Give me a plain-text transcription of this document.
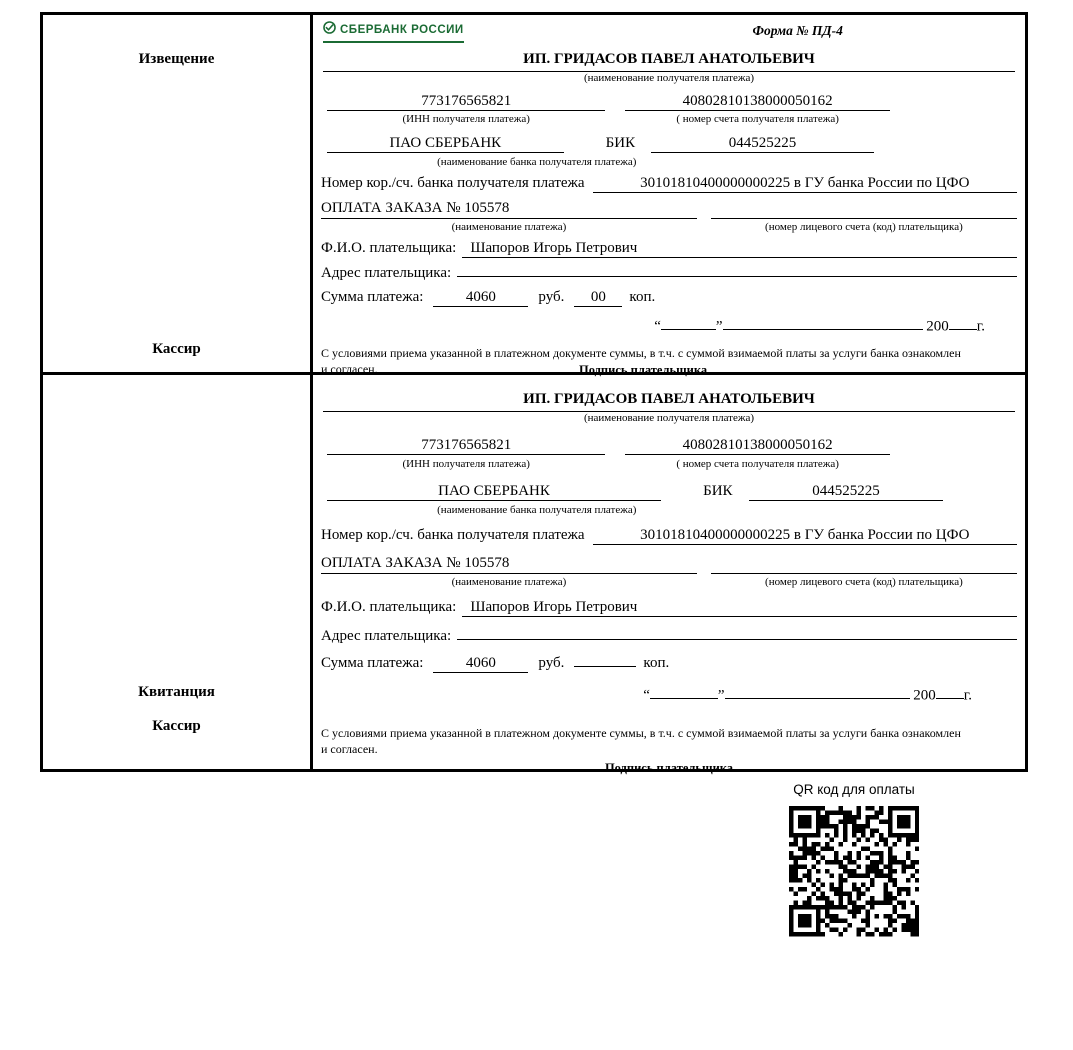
Извещение
Кассир
СБЕРБАНК РОССИИ	Форма № ПД-4
ИП. ГРИДАСОВ ПАВЕЛ АНАТОЛЬЕВИЧ
(наименование получателя платежа)
773176565821	40802810138000050162
(ИНН получателя платежа)	( номер счета получателя платежа)
ПАО СБЕРБАНК	БИК	044525225
(наименование банка получателя платежа)
Номер кор./сч. банка получателя платежа	30101810400000000225 в ГУ банка России по ЦФО
ОПЛАТА ЗАКАЗА № 105578
(наименование платежа)	(номер лицевого счета (код) плательщика)
Ф.И.О. плательщика: Шапоров Игорь Петрович
Адрес плательщика:
Сумма платежа:	4060	руб.	00	коп.
“	”	200 г.
С условиями приема указанной в платежном документе суммы, в т.ч. с суммой взимаемой платы за услуги банка ознакомлен и согласен.	Подпись плательщика
Квитанция
Кассир
ИП. ГРИДАСОВ ПАВЕЛ АНАТОЛЬЕВИЧ
(наименование получателя платежа)
773176565821	40802810138000050162
(ИНН получателя платежа)	( номер счета получателя платежа)
ПАО СБЕРБАНК	БИК	044525225
(наименование банка получателя платежа)
Номер кор./сч. банка получателя платежа	30101810400000000225 в ГУ банка России по ЦФО
ОПЛАТА ЗАКАЗА № 105578
(наименование платежа)	(номер лицевого счета (код) плательщика)
Ф.И.О. плательщика: Шапоров Игорь Петрович
Адрес плательщика:
Сумма платежа:	4060	руб.	коп.
“	”	200 г.
С условиями приема указанной в платежном документе суммы, в т.ч. с суммой взимаемой платы за услуги банка ознакомлен и согласен.
Подпись плательщика
QR код для оплаты
